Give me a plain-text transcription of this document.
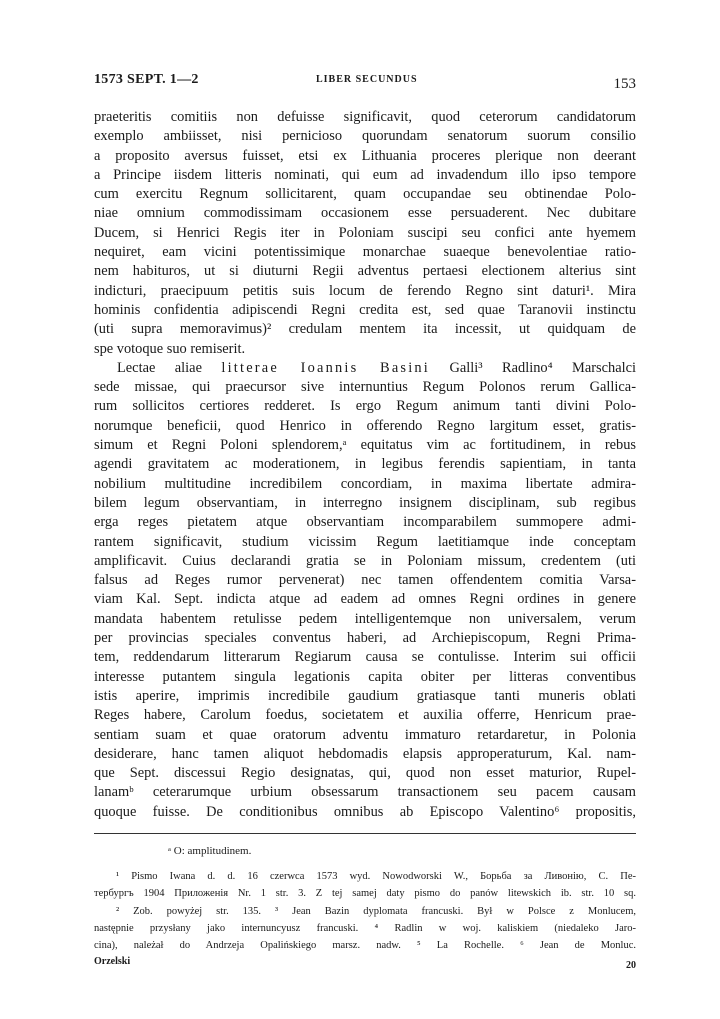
1573 SEPT. 1—2	LIBER SECUNDUS	153
praeteritis comitiis non defuisse significavit, quod ceterorum candidatorum
exemplo ambiisset, nisi pernicioso quorundam senatorum suorum consilio
a proposito aversus fuisset, etsi ex Lithuania proceres plerique non deerant
a Principe iisdem litteris nominati, qui eum ad invadendum illo ipso tempore
cum exercitu Regnum sollicitarent, quam occupandae seu obtinendae Polo-
niae omnium commodissimam occasionem esse persuaderent. Nec dubitare
Ducem, si Henrici Regis iter in Poloniam suscipi seu confici ante hyemem
nequiret, eam vicini potentissimique monarchae suaeque benevolentiae ratio-
nem habituros, ut si diuturni Regii adventus pertaesi electionem alterius sint
indicturi, praecipuum petitis suis locum de ferendo Regno sint daturi¹. Mira
hominis confidentia adipiscendi Regni credita est, sed quae Taranovii instinctu
(uti supra memoravimus)² credulam mentem ita incessit, ut quidquam de
spe votoque suo remiserit.
Lectae aliae litterae Ioannis Basini Galli³ Radlino⁴ Marschalci
sede missae, qui praecursor sive internuntius Regum Polonos rerum Gallica-
rum sollicitos certiores redderet. Is ergo Regum animum tanti divini Polo-
norumque beneficii, quod Henrico in offerendo Regno largitum esset, gratis-
simum et Regni Poloni splendorem,ᵃ equitatus vim ac fortitudinem, in rebus
agendi gravitatem ac moderationem, in legibus ferendis sapientiam, in tanta
nobilium multitudine incredibilem concordiam, in maxima libertate admira-
bilem legum observantiam, in interregno insignem disciplinam, sub regibus
erga reges pietatem atque observantiam incomparabilem summopere admi-
rantem significavit, studium vicissim Regum laetitiamque inde conceptam
amplificavit. Cuius declarandi gratia se in Poloniam missum, credentem (uti
falsus ad Reges rumor pervenerat) nec tamen offendentem comitia Varsa-
viam Kal. Sept. indicta atque ad eadem ad omnes Regni ordines in genere
mandata habentem retulisse pedem intelligentemque non universalem, verum
per provincias speciales conventus haberi, ad Archiepiscopum, Regni Prima-
tem, reddendarum litterarum Regiarum causa se contulisse. Interim sui officii
interesse putantem singula legationis capita obiter per litteras conventibus
istis aperire, imprimis incredibile gaudium gratiasque tanti muneris oblati
Reges habere, Carolum foedus, societatem et auxilia offerre, Henricum prae-
sentiam suam et quae oratorum adventu immaturo retardaretur, in Polonia
desiderare, hanc tamen aliquot hebdomadis elapsis approperaturum, Kal. nam-
que Sept. discessui Regio designatas, qui, quod non esset maturior, Rupel-
lanamᵇ ceterarumque urbium obsessarum transactionem seu pacem causam
quoque fuisse. De conditionibus omnibus ab Episcopo Valentino⁶ propositis,
ᵃ O: amplitudinem.
¹ Pismo Iwana d. d. 16 czerwca 1573 wyd. Nowodworski W., Борьба за Ливонію, С. Пе-
тербургъ 1904 Приложенія Nr. 1 str. 3. Z tej samej daty pismo do panów litewskich ib. str. 10 sq.
² Zob. powyżej str. 135. ³ Jean Bazin dyplomata francuski. Był w Polsce z Monlucem,
następnie przysłany jako internuncyusz francuski. ⁴ Radlin w woj. kaliskiem (niedaleko Jaro-
cina), należał do Andrzeja Opalińskiego marsz. nadw. ⁵ La Rochelle. ⁶ Jean de Monluc.
Orzelski	20
